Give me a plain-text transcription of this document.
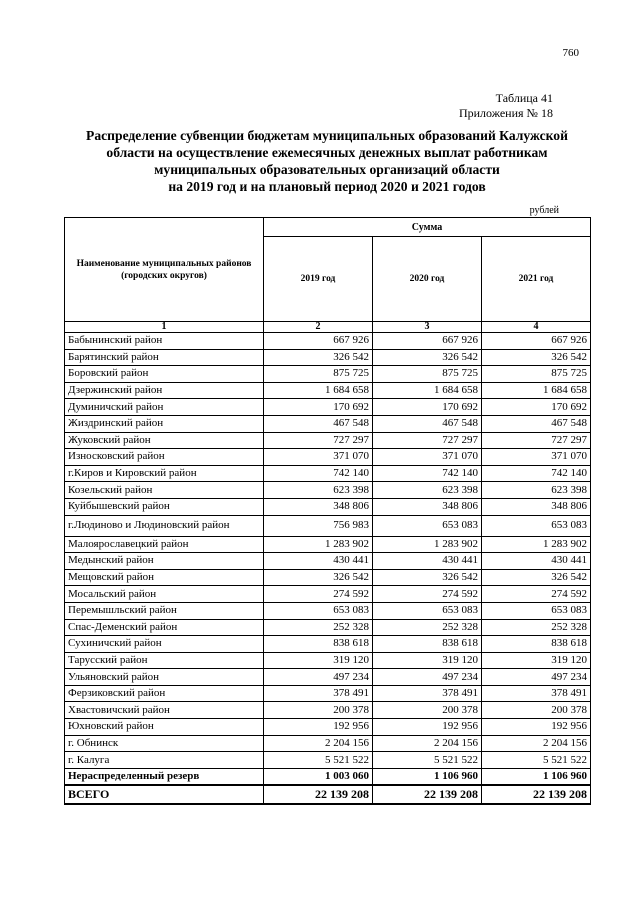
760
Таблица 41
Приложения № 18
Распределение субвенции бюджетам муниципальных образований Калужской
области на осуществление ежемесячных денежных выплат работникам
муниципальных образовательных организаций области
на 2019 год и на плановый период 2020 и 2021 годов
рублей
Наименование муниципальных районов (городских округов)	Сумма		
	2019 год	2020 год	2021 год
1	2	3	4
Бабынинский район	667 926	667 926	667 926
Барятинский район	326 542	326 542	326 542
Боровский район	875 725	875 725	875 725
Дзержинский район	1 684 658	1 684 658	1 684 658
Думиничский район	170 692	170 692	170 692
Жиздринский район	467 548	467 548	467 548
Жуковский район	727 297	727 297	727 297
Износковский район	371 070	371 070	371 070
г.Киров и Кировский район	742 140	742 140	742 140
Козельский район	623 398	623 398	623 398
Куйбышевский район	348 806	348 806	348 806
г.Людиново и Людиновский район	756 983	653 083	653 083
Малоярославецкий район	1 283 902	1 283 902	1 283 902
Медынский район	430 441	430 441	430 441
Мещовский район	326 542	326 542	326 542
Мосальский район	274 592	274 592	274 592
Перемышльский район	653 083	653 083	653 083
Спас-Деменский район	252 328	252 328	252 328
Сухиничский район	838 618	838 618	838 618
Тарусский район	319 120	319 120	319 120
Ульяновский район	497 234	497 234	497 234
Ферзиковский район	378 491	378 491	378 491
Хвастовичский район	200 378	200 378	200 378
Юхновский район	192 956	192 956	192 956
г. Обнинск	2 204 156	2 204 156	2 204 156
г. Калуга	5 521 522	5 521 522	5 521 522
Нераспределенный резерв	1 003 060	1 106 960	1 106 960
ВСЕГО	22 139 208	22 139 208	22 139 208
